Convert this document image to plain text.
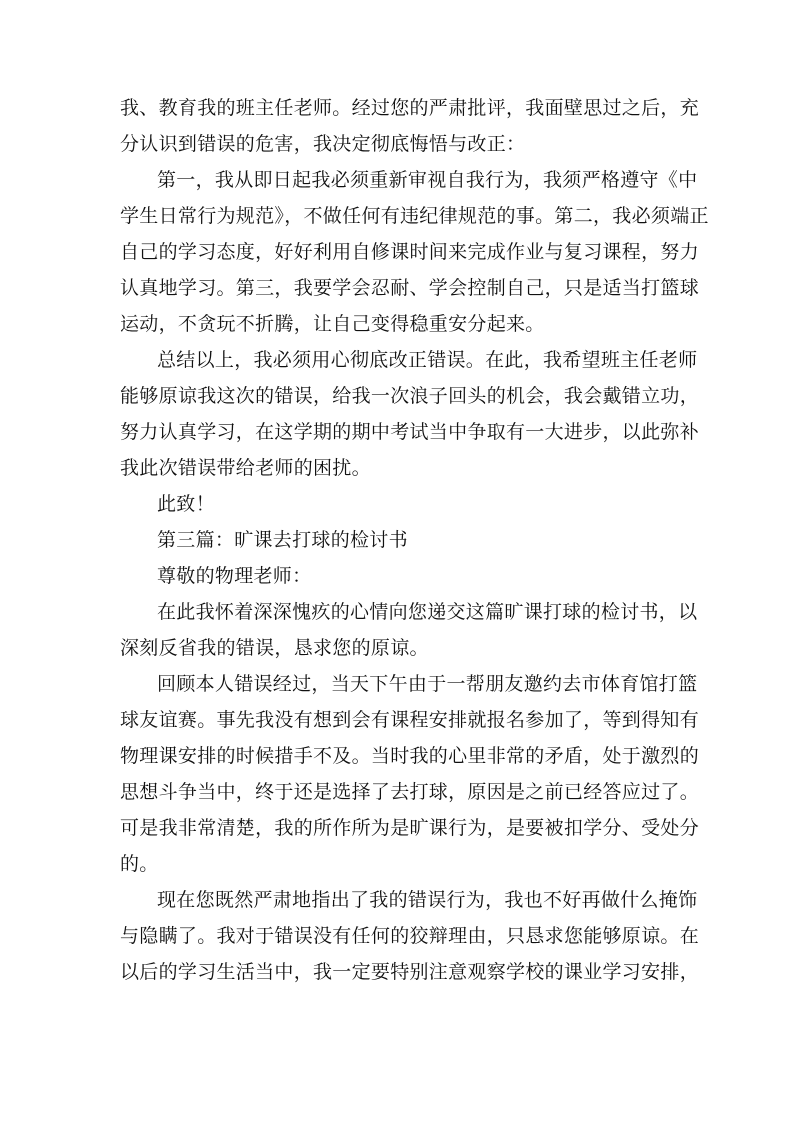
我、教育我的班主任老师。经过您的严肃批评，我面壁思过之后，充
分认识到错误的危害，我决定彻底悔悟与改正：
第一，我从即日起我必须重新审视自我行为，我须严格遵守《中
学生日常行为规范》，不做任何有违纪律规范的事。第二，我必须端正
自己的学习态度，好好利用自修课时间来完成作业与复习课程，努力
认真地学习。第三，我要学会忍耐、学会控制自己，只是适当打篮球
运动，不贪玩不折腾，让自己变得稳重安分起来。
总结以上，我必须用心彻底改正错误。在此，我希望班主任老师
能够原谅我这次的错误，给我一次浪子回头的机会，我会戴错立功，
努力认真学习，在这学期的期中考试当中争取有一大进步，以此弥补
我此次错误带给老师的困扰。
此致！
第三篇：旷课去打球的检讨书
尊敬的物理老师：
在此我怀着深深愧疚的心情向您递交这篇旷课打球的检讨书，以
深刻反省我的错误，恳求您的原谅。
回顾本人错误经过，当天下午由于一帮朋友邀约去市体育馆打篮
球友谊赛。事先我没有想到会有课程安排就报名参加了，等到得知有
物理课安排的时候措手不及。当时我的心里非常的矛盾，处于激烈的
思想斗争当中，终于还是选择了去打球，原因是之前已经答应过了。
可是我非常清楚，我的所作所为是旷课行为，是要被扣学分、受处分
的。
现在您既然严肃地指出了我的错误行为，我也不好再做什么掩饰
与隐瞒了。我对于错误没有任何的狡辩理由，只恳求您能够原谅。在
以后的学习生活当中，我一定要特别注意观察学校的课业学习安排，
